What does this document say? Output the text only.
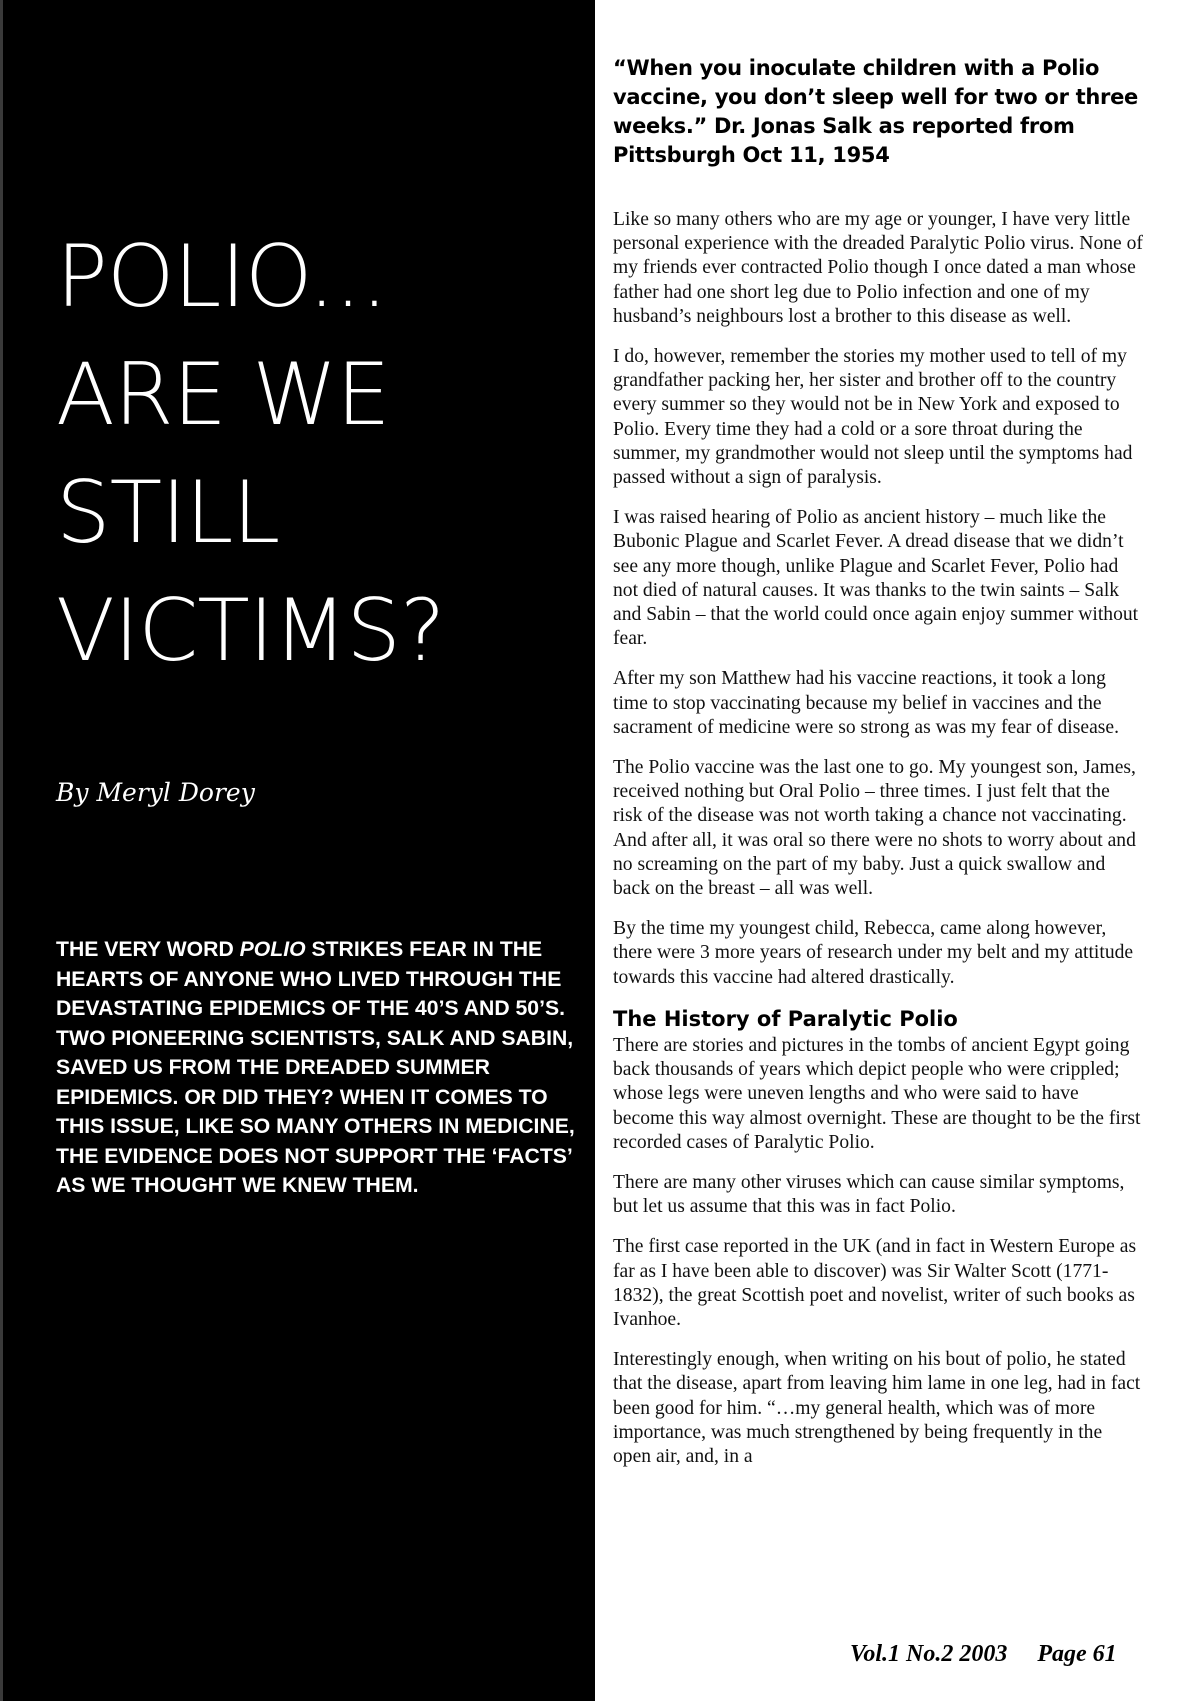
POLIO...
ARE WE
STILL
VICTIMS?

By Meryl Dorey

THE VERY WORD POLIO STRIKES FEAR IN THE HEARTS OF ANYONE WHO LIVED THROUGH THE DEVASTATING EPIDEMICS OF THE 40’S AND 50’S. TWO PIONEERING SCIENTISTS, SALK AND SABIN, SAVED US FROM THE DREADED SUMMER EPIDEMICS. OR DID THEY? WHEN IT COMES TO THIS ISSUE, LIKE SO MANY OTHERS IN MEDICINE, THE EVIDENCE DOES NOT SUPPORT THE ‘FACTS’ AS WE THOUGHT WE KNEW THEM.

“When you inoculate children with a Polio vaccine, you don’t sleep well for two or three weeks.” Dr. Jonas Salk as reported from Pittsburgh Oct 11, 1954

Like so many others who are my age or younger, I have very little personal experience with the dreaded Paralytic Polio virus. None of my friends ever contracted Polio though I once dated a man whose father had one short leg due to Polio infection and one of my husband’s neighbours lost a brother to this disease as well.

I do, however, remember the stories my mother used to tell of my grandfather packing her, her sister and brother off to the country every summer so they would not be in New York and exposed to Polio. Every time they had a cold or a sore throat during the summer, my grandmother would not sleep until the symptoms had passed without a sign of paralysis.

I was raised hearing of Polio as ancient history – much like the Bubonic Plague and Scarlet Fever. A dread disease that we didn’t see any more though, unlike Plague and Scarlet Fever, Polio had not died of natural causes. It was thanks to the twin saints – Salk and Sabin – that the world could once again enjoy summer without fear.

After my son Matthew had his vaccine reactions, it took a long time to stop vaccinating because my belief in vaccines and the sacrament of medicine were so strong as was my fear of disease.

The Polio vaccine was the last one to go. My youngest son, James, received nothing but Oral Polio – three times. I just felt that the risk of the disease was not worth taking a chance not vaccinating. And after all, it was oral so there were no shots to worry about and no screaming on the part of my baby. Just a quick swallow and back on the breast – all was well.

By the time my youngest child, Rebecca, came along however, there were 3 more years of research under my belt and my attitude towards this vaccine had altered drastically.

The History of Paralytic Polio

There are stories and pictures in the tombs of ancient Egypt going back thousands of years which depict people who were crippled; whose legs were uneven lengths and who were said to have become this way almost overnight. These are thought to be the first recorded cases of Paralytic Polio.

There are many other viruses which can cause similar symptoms, but let us assume that this was in fact Polio.

The first case reported in the UK (and in fact in Western Europe as far as I have been able to discover) was Sir Walter Scott (1771-1832), the great Scottish poet and novelist, writer of such books as Ivanhoe.

Interestingly enough, when writing on his bout of polio, he stated that the disease, apart from leaving him lame in one leg, had in fact been good for him. “…my general health, which was of more importance, was much strengthened by being frequently in the open air, and, in a

Vol.1 No.2 2003 Page 61
